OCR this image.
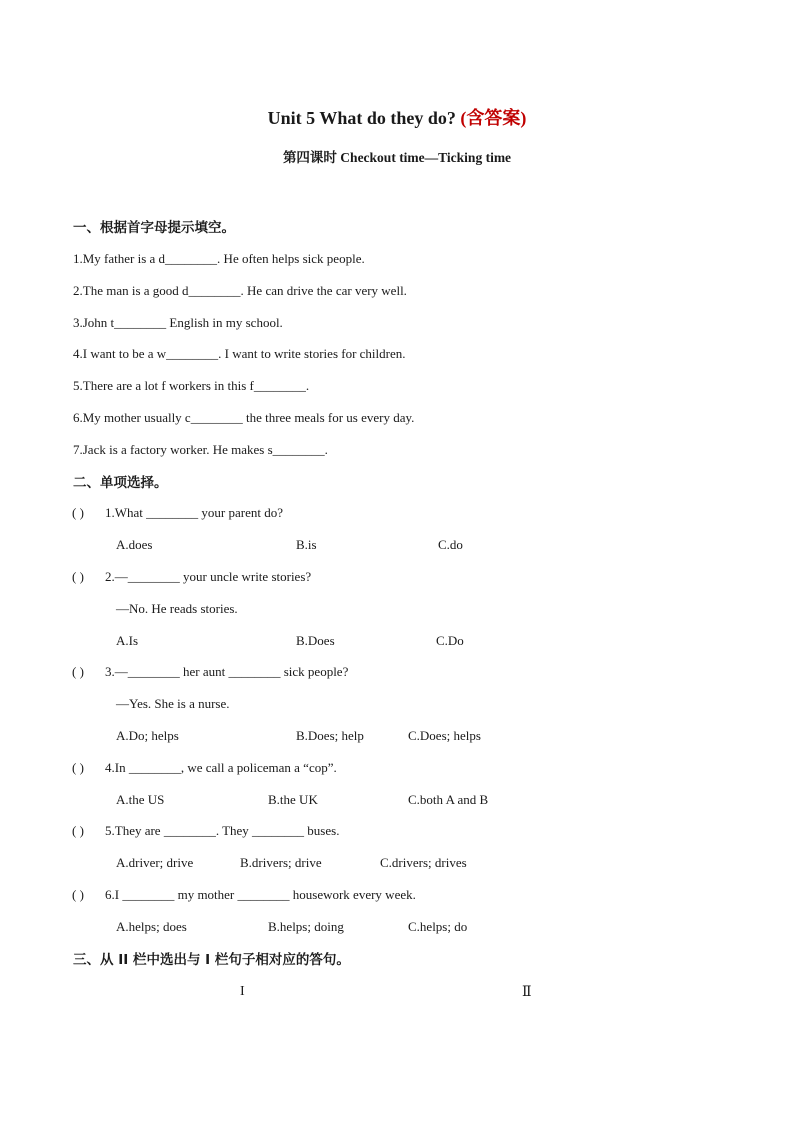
Unit 5 What do they do? (含答案)
第四课时 Checkout time—Ticking time
一、根据首字母提示填空。
1.My father is a d________. He often helps sick people.
2.The man is a good d________. He can drive the car very well.
3.John t________ English in my school.
4.I want to be a w________. I want to write stories for children.
5.There are a lot f workers in this f________.
6.My mother usually c________ the three meals for us every day.
7.Jack is a factory worker. He makes s________.
二、单项选择。
( ) 1.What ________ your parent do?
A.does	B.is	C.do
( ) 2.—________ your uncle write stories?
—No. He reads stories.
A.Is	B.Does	C.Do
( ) 3.—________ her aunt ________ sick people?
—Yes. She is a nurse.
A.Do; helps	B.Does; help	C.Does; helps
( ) 4.In ________, we call a policeman a “cop”.
A.the US	B.the UK	C.both A and B
( ) 5.They are ________. They ________ buses.
A.driver; drive	B.drivers; drive	C.drivers; drives
( ) 6.I ________ my mother ________ housework every week.
A.helps; does	B.helps; doing	C.helps; do
三、从 II 栏中选出与 I 栏句子相对应的答句。
I	Ⅱ
